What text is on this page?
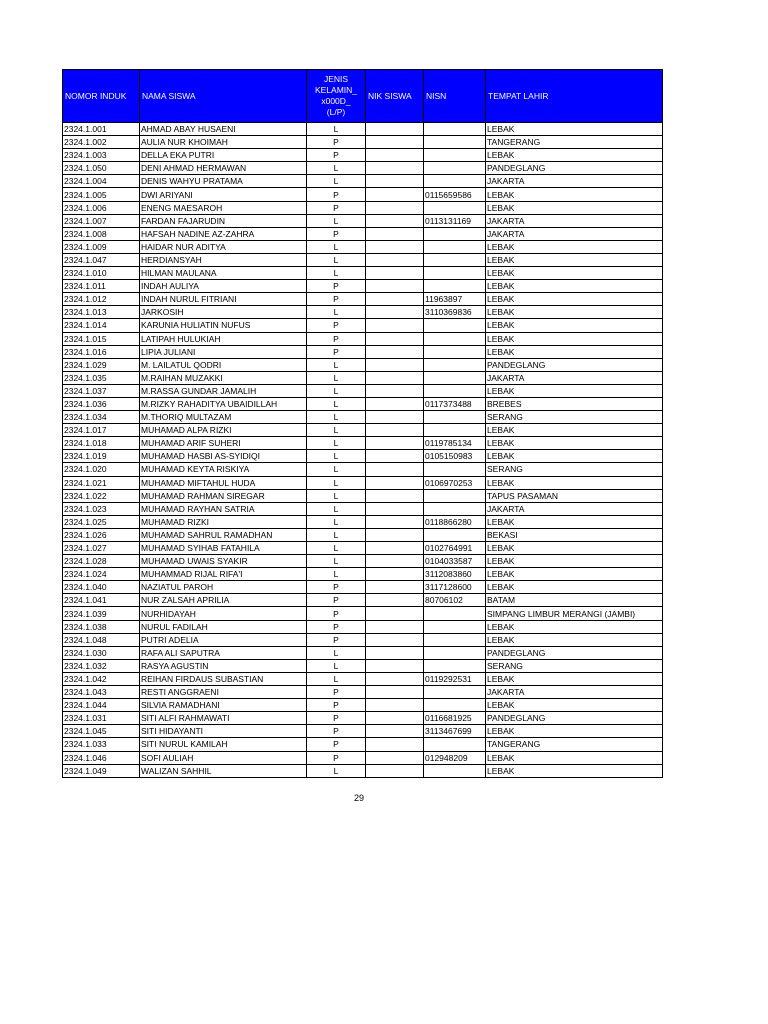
NOMOR INDUK	NAMA SISWA	JENIS
KELAMIN_
x000D_
(L/P)	NIK SISWA	NISN	TEMPAT LAHIR
2324.1.001	AHMAD ABAY HUSAENI	L			LEBAK
2324.1.002	AULIA NUR KHOIMAH	P			TANGERANG
2324.1.003	DELLA EKA PUTRI	P			LEBAK
2324.1.050	DENI AHMAD HERMAWAN	L			PANDEGLANG
2324.1.004	DENIS WAHYU PRATAMA	L			JAKARTA
2324.1.005	DWI ARIYANI	P		0115659586	LEBAK
2324.1.006	ENENG MAESAROH	P			LEBAK
2324.1.007	FARDAN FAJARUDIN	L		0113131169	JAKARTA
2324.1.008	HAFSAH NADINE AZ-ZAHRA	P			JAKARTA
2324.1.009	HAIDAR NUR ADITYA	L			LEBAK
2324.1.047	HERDIANSYAH	L			LEBAK
2324.1.010	HILMAN MAULANA	L			LEBAK
2324.1.011	INDAH AULIYA	P			LEBAK
2324.1.012	INDAH NURUL FITRIANI	P		11963897	LEBAK
2324.1.013	JARKOSIH	L		3110369836	LEBAK
2324.1.014	KARUNIA HULIATIN NUFUS	P			LEBAK
2324.1.015	LATIPAH HULUKIAH	P			LEBAK
2324.1.016	LIPIA JULIANI	P			LEBAK
2324.1.029	M. LAILATUL QODRI	L			PANDEGLANG
2324.1.035	M.RAIHAN MUZAKKI	L			JAKARTA
2324.1.037	M.RASSA GUNDAR JAMALIH	L			LEBAK
2324.1.036	M.RIZKY RAHADITYA UBAIDILLAH	L		0117373488	BREBES
2324.1.034	M.THORIQ MULTAZAM	L			SERANG
2324.1.017	MUHAMAD ALPA RIZKI	L			LEBAK
2324.1.018	MUHAMAD ARIF SUHERI	L		0119785134	LEBAK
2324.1.019	MUHAMAD HASBI AS-SYIDIQI	L		0105150983	LEBAK
2324.1.020	MUHAMAD KEYTA RISKIYA	L			SERANG
2324.1.021	MUHAMAD MIFTAHUL HUDA	L		0106970253	LEBAK
2324.1.022	MUHAMAD RAHMAN SIREGAR	L			TAPUS PASAMAN
2324.1.023	MUHAMAD RAYHAN SATRIA	L			JAKARTA
2324.1.025	MUHAMAD RIZKI	L		0118866280	LEBAK
2324.1.026	MUHAMAD SAHRUL RAMADHAN	L			BEKASI
2324.1.027	MUHAMAD SYIHAB FATAHILA	L		0102764991	LEBAK
2324.1.028	MUHAMAD UWAIS SYAKIR	L		0104033587	LEBAK
2324.1.024	MUHAMMAD RIJAL RIFA'I	L		3112083860	LEBAK
2324.1.040	NAZIATUL PAROH	P		3117128600	LEBAK
2324.1.041	NUR ZALSAH APRILIA	P		80706102	BATAM
2324.1.039	NURHIDAYAH	P			SIMPANG LIMBUR MERANGI (JAMBI)
2324.1.038	NURUL FADILAH	P			LEBAK
2324.1.048	PUTRI ADELIA	P			LEBAK
2324.1.030	RAFA ALI SAPUTRA	L			PANDEGLANG
2324.1.032	RASYA AGUSTIN	L			SERANG
2324.1.042	REIHAN FIRDAUS SUBASTIAN	L		0119292531	LEBAK
2324.1.043	RESTI ANGGRAENI	P			JAKARTA
2324.1.044	SILVIA RAMADHANI	P			LEBAK
2324.1.031	SITI ALFI RAHMAWATI	P		0116681925	PANDEGLANG
2324.1.045	SITI HIDAYANTI	P		3113467699	LEBAK
2324.1.033	SITI NURUL KAMILAH	P			TANGERANG
2324.1.046	SOFI AULIAH	P		012948209	LEBAK
2324.1.049	WALIZAN SAHHIL	L			LEBAK
29
